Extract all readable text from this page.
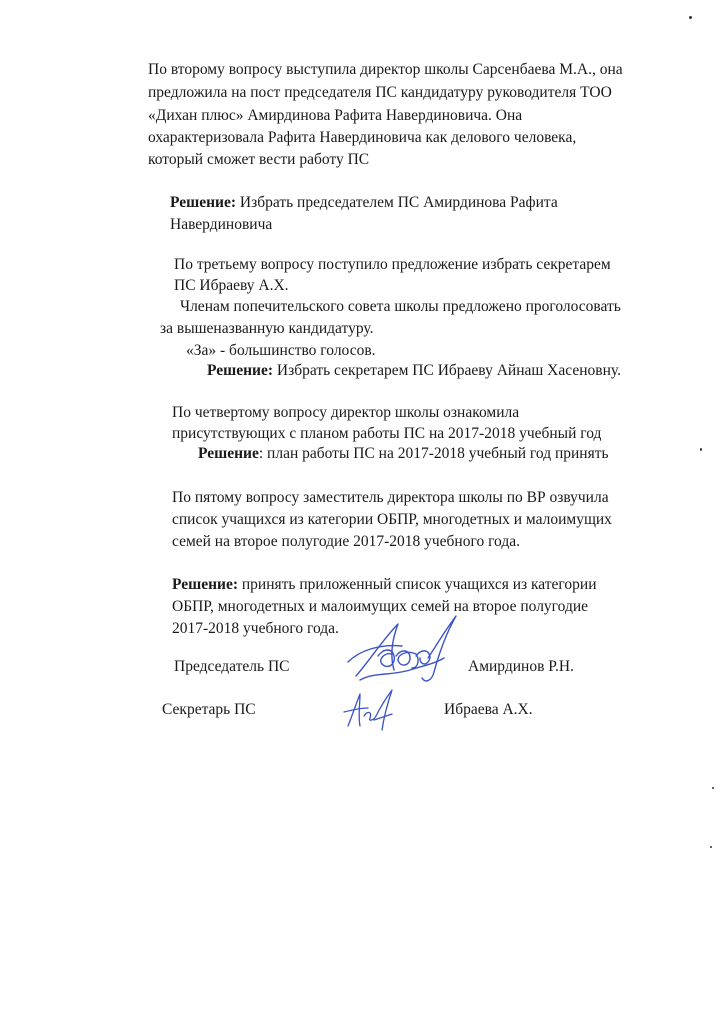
По второму вопросу выступила директор школы Сарсенбаева М.А., она
предложила на пост председателя ПС кандидатуру руководителя ТОО
«Дихан плюс» Амирдинова Рафита Навердиновича. Она
охарактеризовала Рафита Навердиновича как делового человека,
который сможет вести работу ПС
Решение: Избрать председателем ПС Амирдинова Рафита
Навердиновича
По третьему вопросу поступило предложение избрать секретарем
ПС Ибраеву А.Х.
Членам попечительского совета школы предложено проголосовать
за вышеназванную кандидатуру.
«За» - большинство голосов.
Решение: Избрать секретарем ПС Ибраеву Айнаш Хасеновну.
По четвертому вопросу директор школы ознакомила
присутствующих с планом работы ПС на 2017-2018 учебный год
Решение: план работы ПС на 2017-2018 учебный год принять
По пятому вопросу заместитель директора школы по ВР озвучила
список учащихся из категории ОБПР, многодетных и малоимущих
семей на второе полугодие 2017-2018 учебного года.
Решение: принять приложенный список учащихся из категории
ОБПР, многодетных и малоимущих семей на второе полугодие
2017-2018 учебного года.
Председатель ПС	Амирдинов Р.Н.
Секретарь ПС	Ибраева А.Х.
